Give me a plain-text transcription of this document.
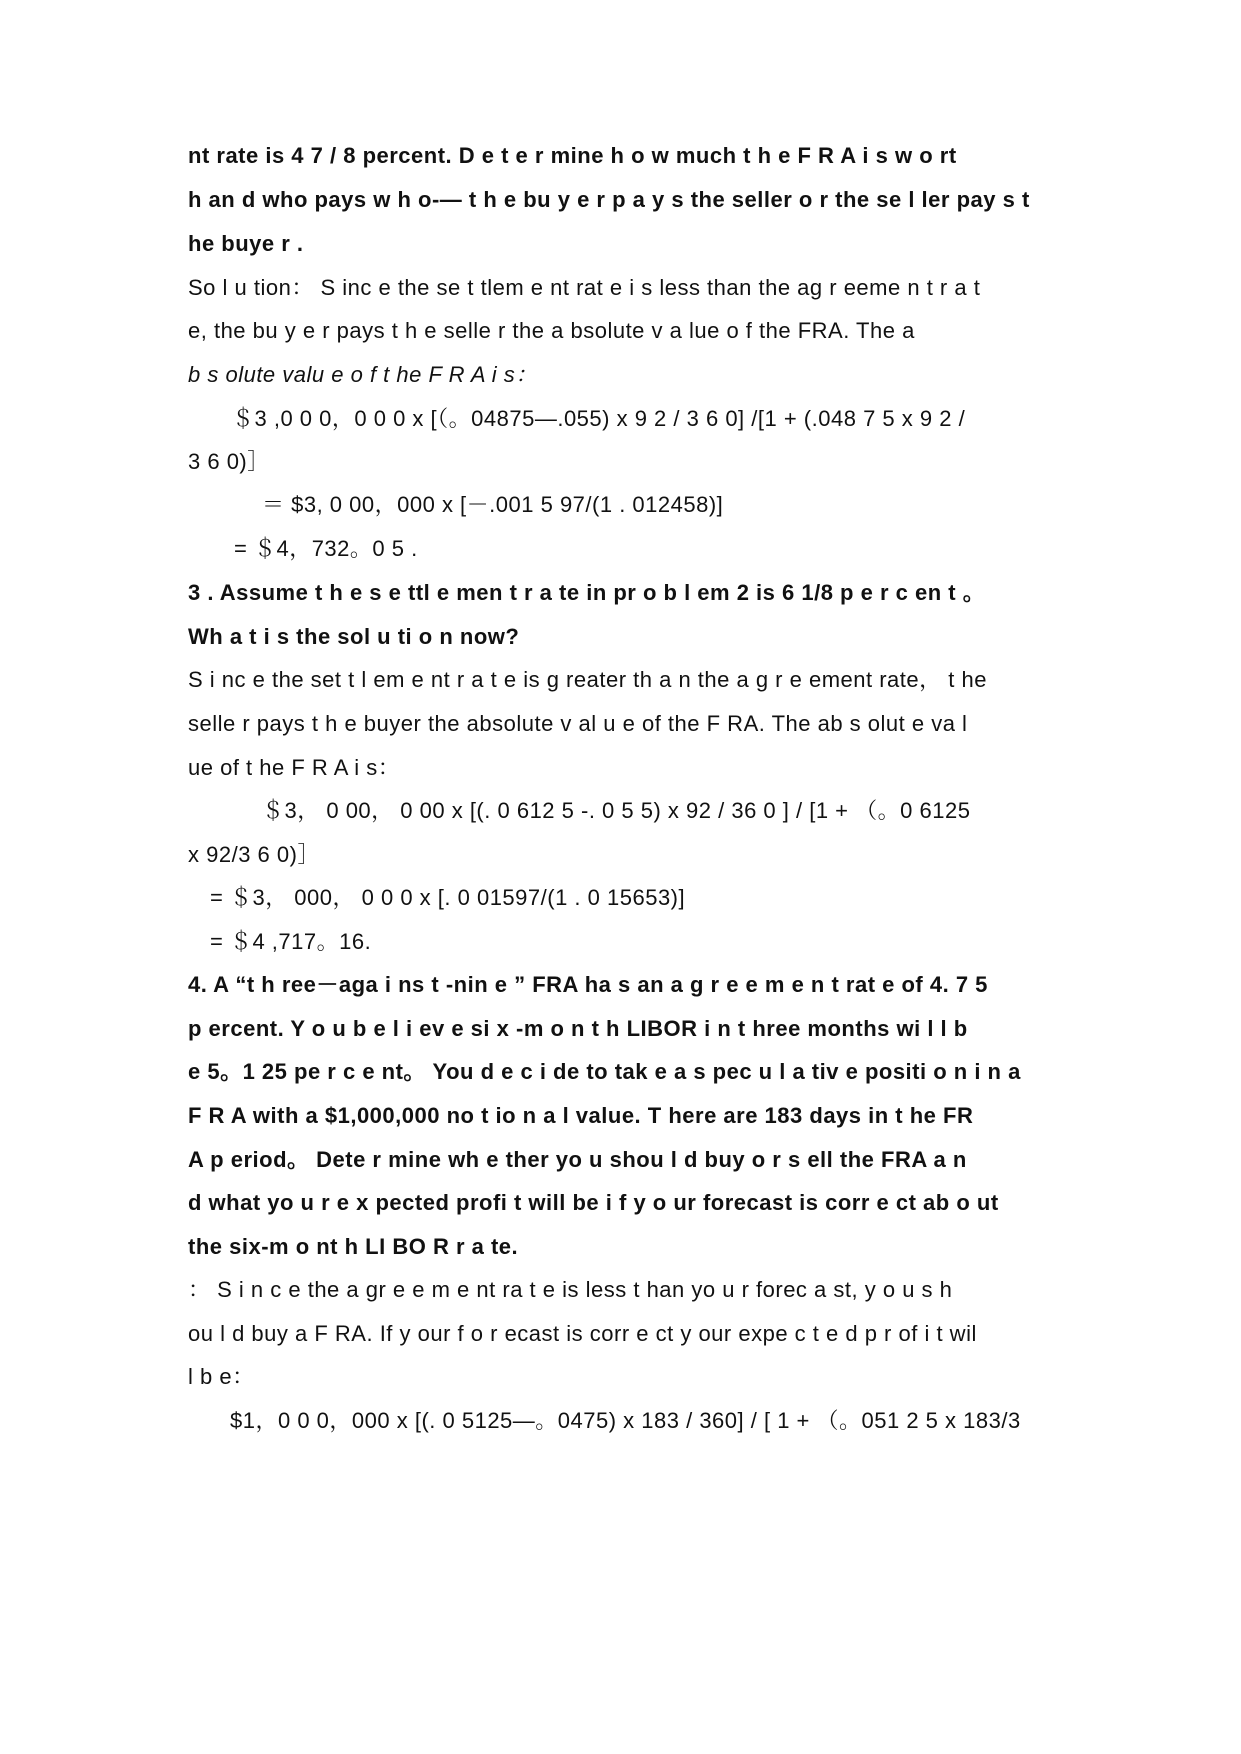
nt rate is 4 7 / 8 percent. D e t e r mine h o w much t h e F R A i s w o rt
h an d who pays w h o-— t h e bu y e r p a y s the seller o r the se l ler pay s t
he buye r .
So l u tion： S inc e the se t tlem e nt rat e i s less than the ag r eeme n t r a t
e, the bu y e r pays t h e selle r the a bsolute v a lue o f the FRA. The a
b s olute valu e o f t he F R A i s：
＄3 ,0 0 0，0 0 0 x [（。04875—.055) x 9 2 / 3 6 0] /[1 + (.048 7 5 x 9 2 /
3 6 0)］
＝ $3, 0 00，000 x [－.001 5 97/(1 . 012458)]
= ＄4，732。0 5 .
3 . Assume t h e s e ttl e men t r a te in pr o b l em 2 is 6 1/8 p e r c en t 。
Wh a t i s the sol u ti o n now?
S i nc e the set t l em e nt r a t e is g reater th a n the a g r e ement rate， t he
selle r pays t h e buyer the absolute v al u e of the F RA. The ab s olut e va l
ue of t he F R A i s：
＄3， 0 00， 0 00 x [(. 0 612 5 -. 0 5 5) x 92 / 36 0 ] / [1 + （。0 6125
x 92/3 6 0)］
= ＄3， 000， 0 0 0 x [. 0 01597/(1 . 0 15653)]
= ＄4 ,717。16.
4. A “t h ree－aga i ns t -nin e ” FRA ha s an a g r e e m e n t rat e of 4. 7 5
p ercent. Y o u b e l i ev e si x -m o n t h LIBOR i n t hree months wi l l b
e 5。1 25 pe r c e nt。 You d e c i de to tak e a s pec u l a tiv e positi o n i n a
F R A with a $1,000,000 no t io n a l value. T here are 183 days in t he FR
A p eriod。 Dete r mine wh e ther yo u shou l d buy o r s ell the FRA a n
d what yo u r e x pected profi t will be i f y o ur forecast is corr e ct ab o ut
the six-m o nt h LI BO R r a te.
： S i n c e the a gr e e m e nt ra t e is less t han yo u r forec a st, y o u s h
ou l d buy a F RA. If y our f o r ecast is corr e ct y our expe c t e d p r of i t wil
l b e：
$1，0 0 0，000 x [(. 0 5125—。0475) x 183 / 360] / [ 1 + （。051 2 5 x 183/3
